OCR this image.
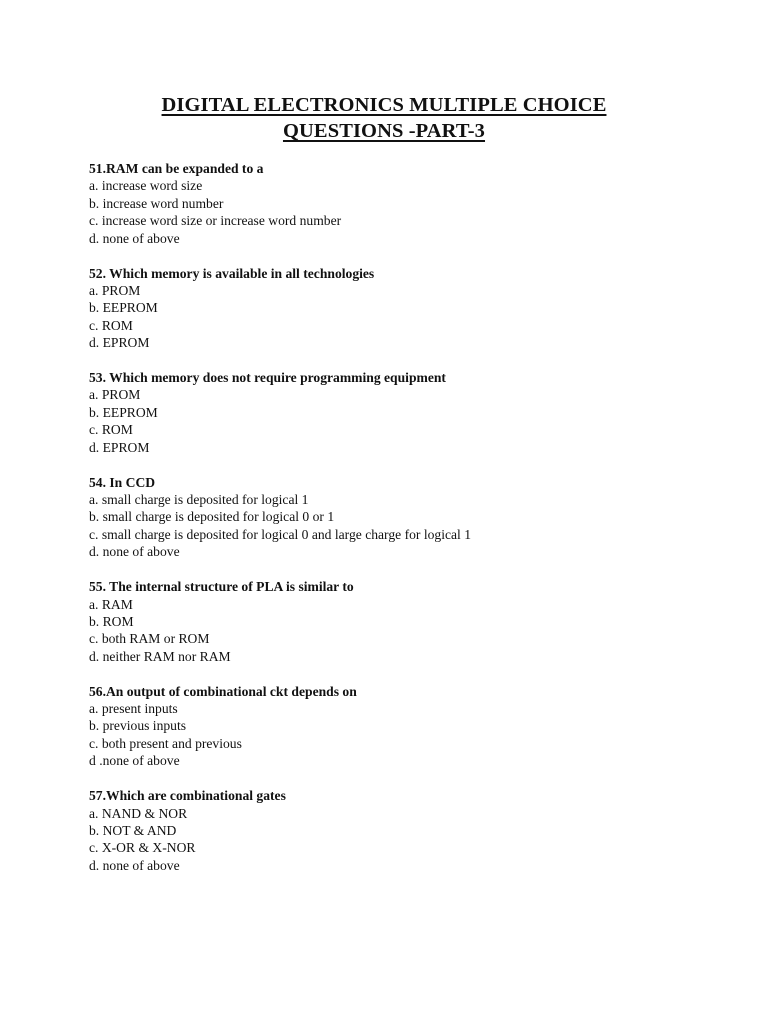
DIGITAL ELECTRONICS MULTIPLE CHOICE
QUESTIONS -PART-3
51.RAM can be expanded to a
a. increase word size
b. increase word number
c. increase word size or increase word number
d. none of above
52. Which memory is available in all technologies
a. PROM
b. EEPROM
c. ROM
d. EPROM
53. Which memory does not require programming equipment
a. PROM
b. EEPROM
c. ROM
d. EPROM
54. In CCD
a. small charge is deposited for logical 1
b. small charge is deposited for logical 0 or 1
c. small charge is deposited for logical 0 and large charge for logical 1
d. none of above
55. The internal structure of PLA is similar to
a. RAM
b. ROM
c. both RAM or ROM
d. neither RAM nor RAM
56.An output of combinational ckt depends on
a. present inputs
b. previous inputs
c. both present and previous
d .none of above
57.Which are combinational gates
a. NAND & NOR
b. NOT & AND
c. X-OR & X-NOR
d. none of above
